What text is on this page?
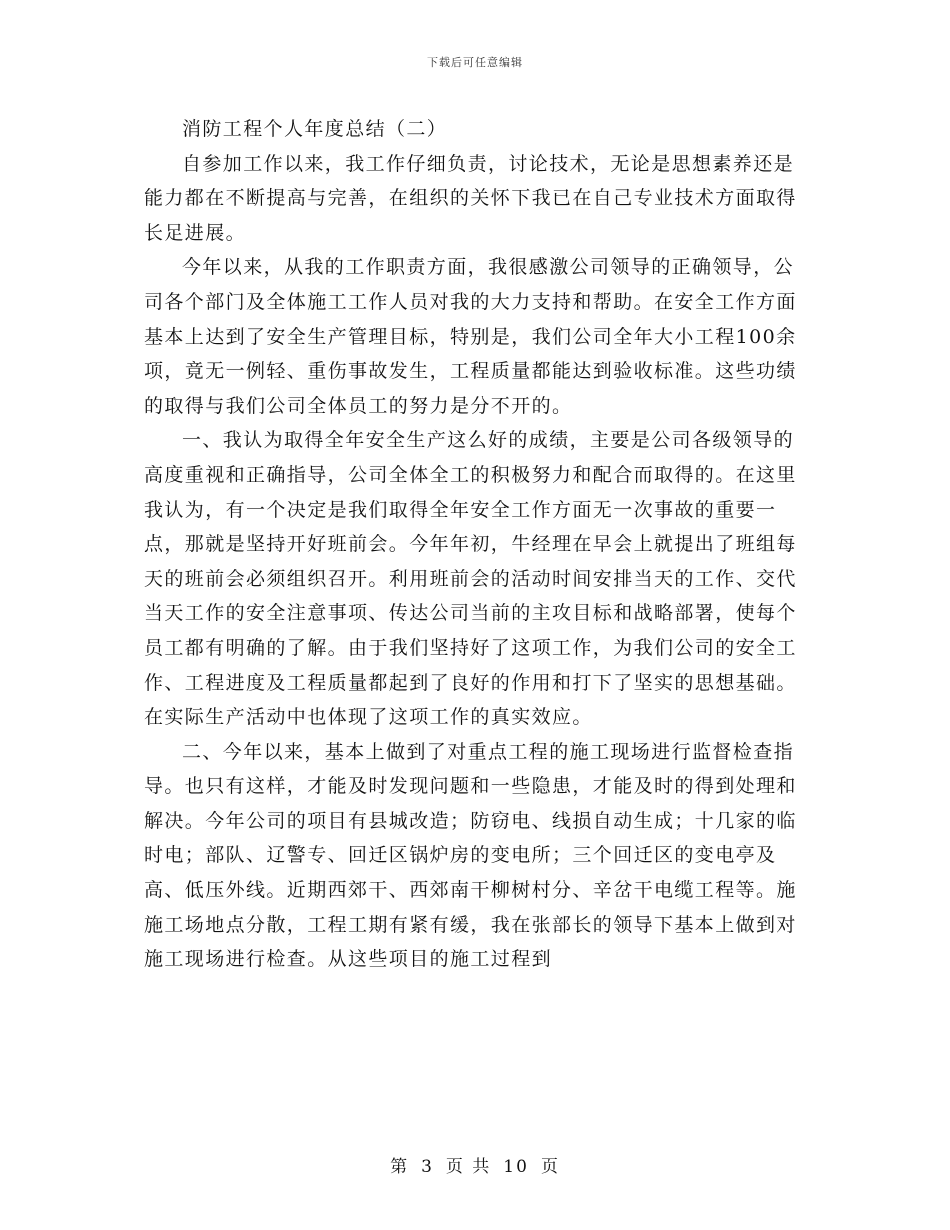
下载后可任意编辑

消防工程个人年度总结（二）

自参加工作以来，我工作仔细负责，讨论技术，无论是思想素养还是能力都在不断提高与完善，在组织的关怀下我已在自己专业技术方面取得长足进展。

今年以来，从我的工作职责方面，我很感激公司领导的正确领导，公司各个部门及全体施工工作人员对我的大力支持和帮助。在安全工作方面基本上达到了安全生产管理目标，特别是，我们公司全年大小工程100余项，竟无一例轻、重伤事故发生，工程质量都能达到验收标准。这些功绩的取得与我们公司全体员工的努力是分不开的。

一、我认为取得全年安全生产这么好的成绩，主要是公司各级领导的高度重视和正确指导，公司全体全工的积极努力和配合而取得的。在这里我认为，有一个决定是我们取得全年安全工作方面无一次事故的重要一点，那就是坚持开好班前会。今年年初，牛经理在早会上就提出了班组每天的班前会必须组织召开。利用班前会的活动时间安排当天的工作、交代当天工作的安全注意事项、传达公司当前的主攻目标和战略部署，使每个员工都有明确的了解。由于我们坚持好了这项工作，为我们公司的安全工作、工程进度及工程质量都起到了良好的作用和打下了坚实的思想基础。在实际生产活动中也体现了这项工作的真实效应。

二、今年以来，基本上做到了对重点工程的施工现场进行监督检查指导。也只有这样，才能及时发现问题和一些隐患，才能及时的得到处理和解决。今年公司的项目有县城改造；防窃电、线损自动生成；十几家的临时电；部队、辽警专、回迁区锅炉房的变电所；三个回迁区的变电亭及高、低压外线。近期西郊干、西郊南干柳树村分、辛岔干电缆工程等。施施工场地点分散，工程工期有紧有缓，我在张部长的领导下基本上做到对施工现场进行检查。从这些项目的施工过程到

第 3 页 共 10 页
